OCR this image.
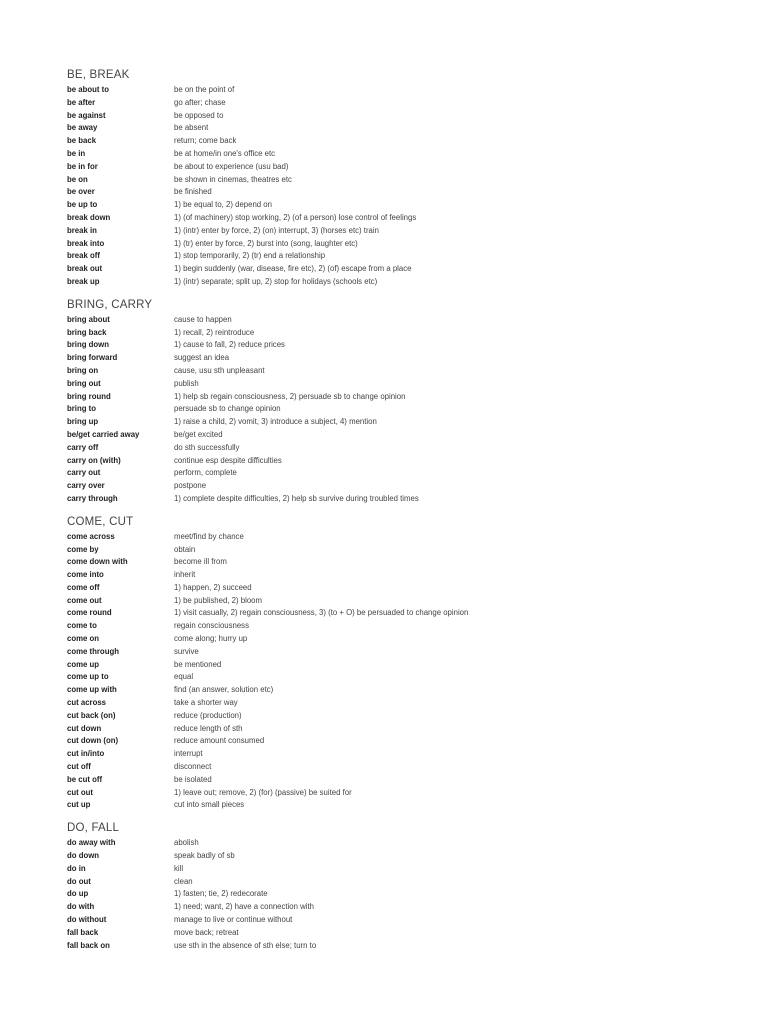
BE, BREAK
be about to	be on the point of
be after	go after; chase
be against	be opposed to
be away	be absent
be back	return; come back
be in	be at home/in one's office etc
be in for	be about to experience (usu bad)
be on	be shown in cinemas, theatres etc
be over	be finished
be up to	1) be equal to, 2) depend on
break down	1) (of machinery) stop working, 2) (of a person) lose control of feelings
break in	1) (intr) enter by force, 2) (on) interrupt, 3) (horses etc) train
break into	1) (tr) enter by force, 2) burst into (song, laughter etc)
break off	1) stop temporarily, 2) (tr) end a relationship
break out	1) begin suddenly (war, disease, fire etc), 2) (of) escape from a place
break up	1) (intr) separate; split up, 2) stop for holidays (schools etc)
BRING, CARRY
bring about	cause to happen
bring back	1) recall, 2) reintroduce
bring down	1) cause to fall, 2) reduce prices
bring forward	suggest an idea
bring on	cause, usu sth unpleasant
bring out	publish
bring round	1) help sb regain consciousness, 2) persuade sb to change opinion
bring to	persuade sb to change opinion
bring up	1) raise a child, 2) vomit, 3) introduce a subject, 4) mention
be/get carried away	be/get excited
carry off	do sth successfully
carry on (with)	continue esp despite difficulties
carry out	perform, complete
carry over	postpone
carry through	1) complete despite difficulties, 2) help sb survive during troubled times
COME, CUT
come across	meet/find by chance
come by	obtain
come down with	become ill from
come into	inherit
come off	1) happen, 2) succeed
come out	1) be published, 2) bloom
come round	1) visit casually, 2) regain consciousness, 3) (to + O) be persuaded to change opinion
come to	regain consciousness
come on	come along; hurry up
come through	survive
come up	be mentioned
come up to	equal
come up with	find (an answer, solution etc)
cut across	take a shorter way
cut back (on)	reduce (production)
cut down	reduce length of sth
cut down (on)	reduce amount consumed
cut in/into	interrupt
cut off	disconnect
be cut off	be isolated
cut out	1) leave out; remove, 2) (for) (passive) be suited for
cut up	cut into small pieces
DO, FALL
do away with	abolish
do down	speak badly of sb
do in	kill
do out	clean
do up	1) fasten; tie, 2) redecorate
do with	1) need; want, 2) have a connection with
do without	manage to live or continue without
fall back	move back; retreat
fall back on	use sth in the absence of sth else; turn to
